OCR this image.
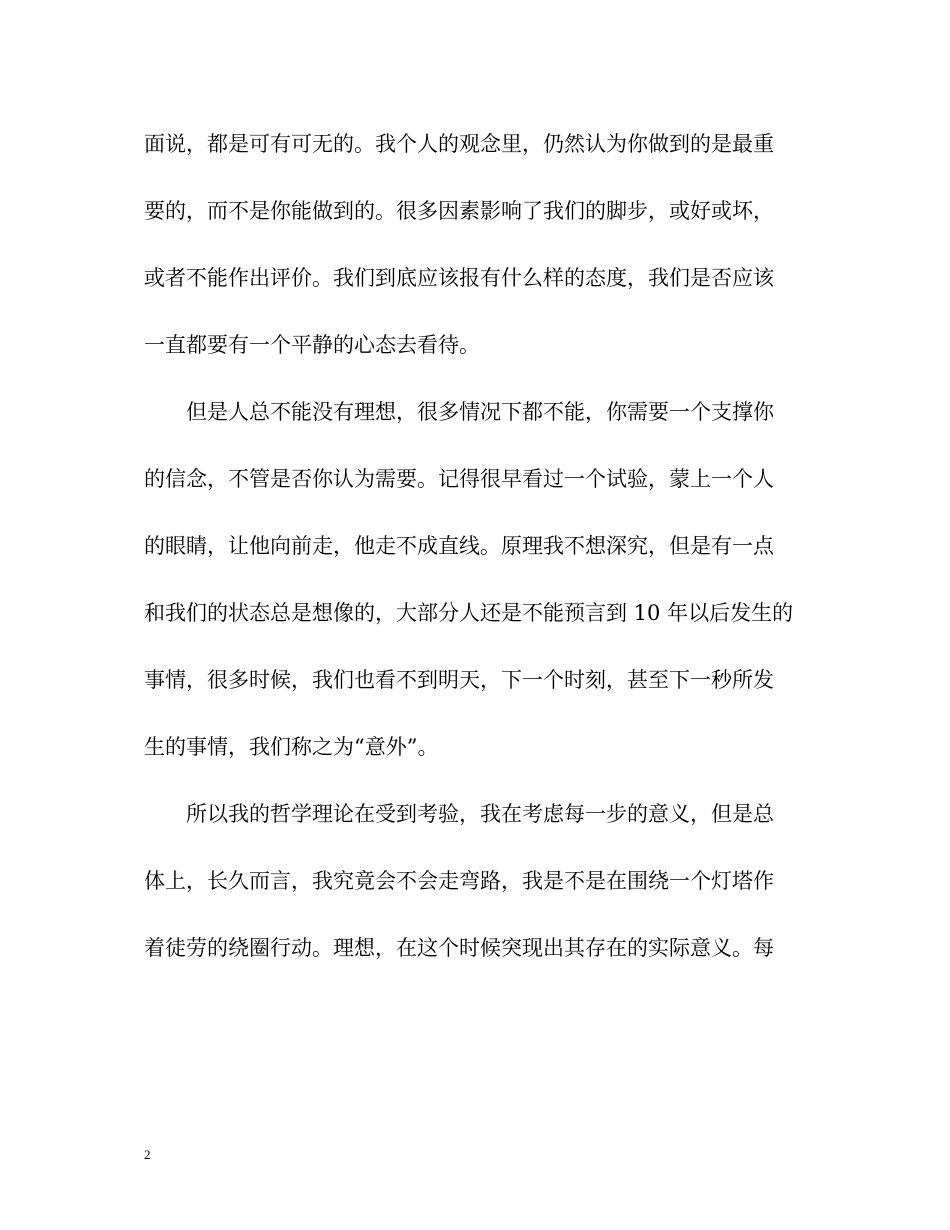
面说，都是可有可无的。我个人的观念里，仍然认为你做到的是最重
要的，而不是你能做到的。很多因素影响了我们的脚步，或好或坏，
或者不能作出评价。我们到底应该报有什么样的态度，我们是否应该
一直都要有一个平静的心态去看待。
但是人总不能没有理想，很多情况下都不能，你需要一个支撑你
的信念，不管是否你认为需要。记得很早看过一个试验，蒙上一个人
的眼睛，让他向前走，他走不成直线。原理我不想深究，但是有一点
和我们的状态总是想像的，大部分人还是不能预言到 10 年以后发生的
事情，很多时候，我们也看不到明天，下一个时刻，甚至下一秒所发
生的事情，我们称之为“意外”。
所以我的哲学理论在受到考验，我在考虑每一步的意义，但是总
体上，长久而言，我究竟会不会走弯路，我是不是在围绕一个灯塔作
着徒劳的绕圈行动。理想，在这个时候突现出其存在的实际意义。每
2
